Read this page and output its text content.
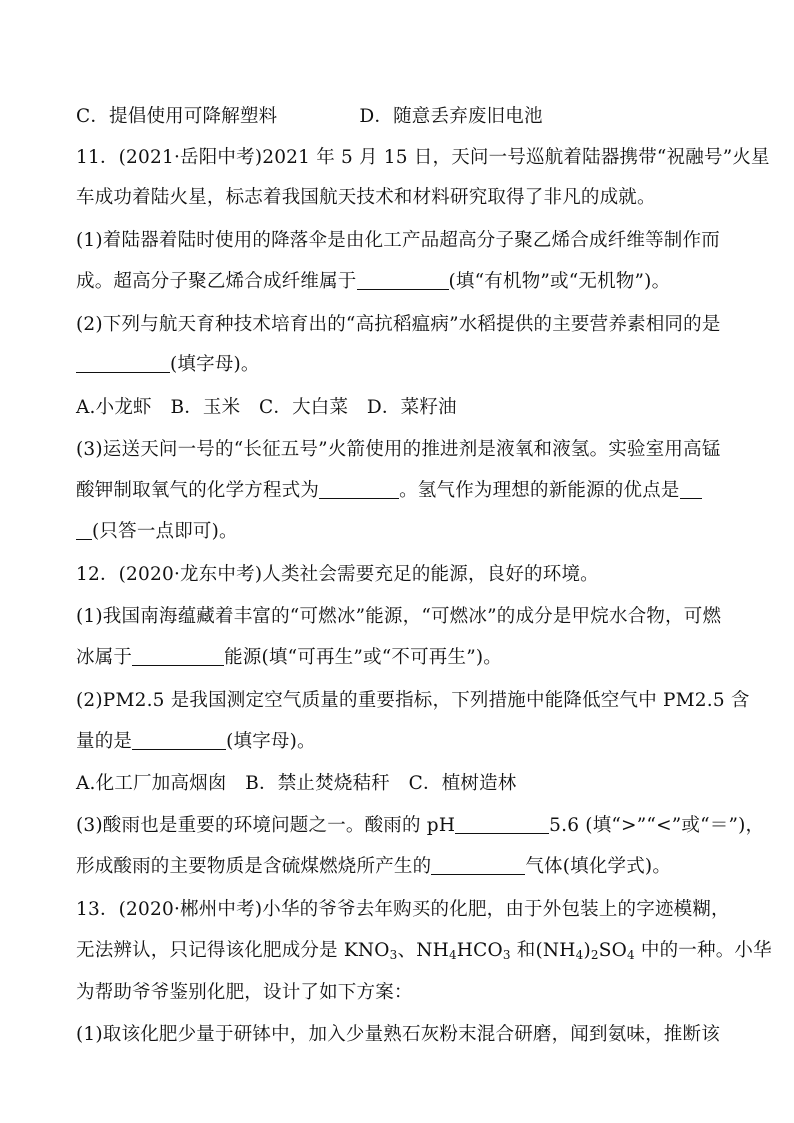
C．提倡使用可降解塑料	D．随意丢弃废旧电池
11．(2021·岳阳中考)2021 年 5 月 15 日，天问一号巡航着陆器携带“祝融号”火星
车成功着陆火星，标志着我国航天技术和材料研究取得了非凡的成就。
(1)着陆器着陆时使用的降落伞是由化工产品超高分子聚乙烯合成纤维等制作而
成。超高分子聚乙烯合成纤维属于	(填“有机物”或“无机物”)。
(2)下列与航天育种技术培育出的“高抗稻瘟病”水稻提供的主要营养素相同的是
(填字母)。
A.小龙虾　B．玉米　C．大白菜　D．菜籽油
(3)运送天问一号的“长征五号”火箭使用的推进剂是液氧和液氢。实验室用高锰
酸钾制取氧气的化学方程式为	。氢气作为理想的新能源的优点是
(只答一点即可)。
12．(2020·龙东中考)人类社会需要充足的能源，良好的环境。
(1)我国南海蕴藏着丰富的“可燃冰”能源，“可燃冰”的成分是甲烷水合物，可燃
冰属于	能源(填“可再生”或“不可再生”)。
(2)PM2.5 是我国测定空气质量的重要指标，下列措施中能降低空气中 PM2.5 含
量的是	(填字母)。
A.化工厂加高烟囱　B．禁止焚烧秸秆　C．植树造林
(3)酸雨也是重要的环境问题之一。酸雨的 pH	5.6 (填“>”“<”或“＝”)，
形成酸雨的主要物质是含硫煤燃烧所产生的	气体(填化学式)。
13．(2020·郴州中考)小华的爷爷去年购买的化肥，由于外包装上的字迹模糊，
无法辨认，只记得该化肥成分是 $KNO_3$、$NH_4HCO_3$ 和$(NH_4)_2SO_4$ 中的一种。小华
为帮助爷爷鉴别化肥，设计了如下方案：
(1)取该化肥少量于研钵中，加入少量熟石灰粉末混合研磨，闻到氨味，推断该
